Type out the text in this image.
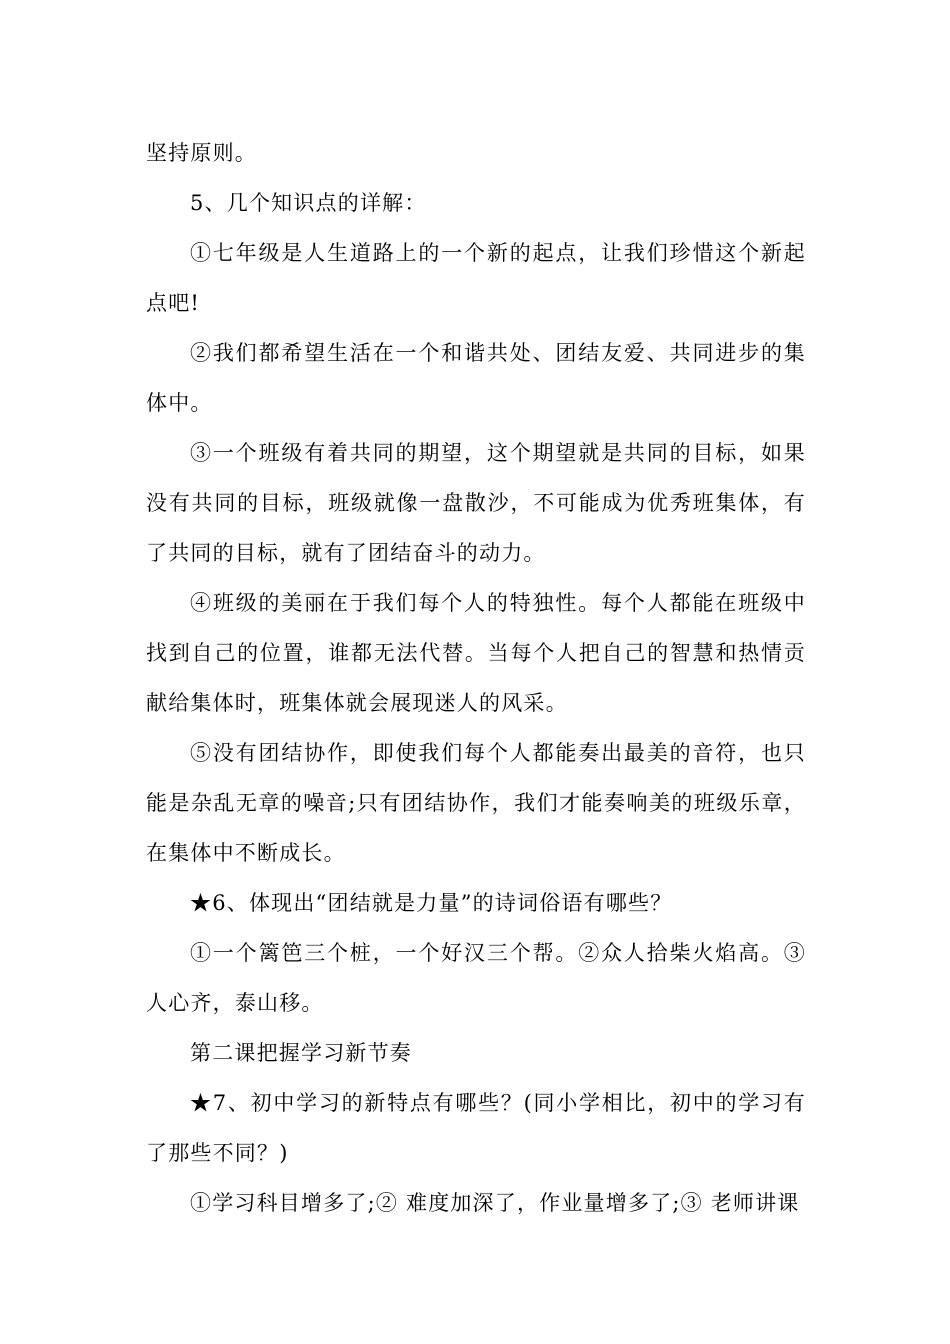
坚持原则。

5、几个知识点的详解：

①七年级是人生道路上的一个新的起点，让我们珍惜这个新起点吧!

②我们都希望生活在一个和谐共处、团结友爱、共同进步的集体中。

③一个班级有着共同的期望，这个期望就是共同的目标，如果没有共同的目标，班级就像一盘散沙，不可能成为优秀班集体，有了共同的目标，就有了团结奋斗的动力。

④班级的美丽在于我们每个人的特独性。每个人都能在班级中找到自己的位置，谁都无法代替。当每个人把自己的智慧和热情贡献给集体时，班集体就会展现迷人的风采。

⑤没有团结协作，即使我们每个人都能奏出最美的音符，也只能是杂乱无章的噪音;只有团结协作，我们才能奏响美的班级乐章，在集体中不断成长。

★6、体现出“团结就是力量”的诗词俗语有哪些？

①一个篱笆三个桩，一个好汉三个帮。②众人拾柴火焰高。③人心齐，泰山移。

第二课把握学习新节奏

★7、初中学习的新特点有哪些？(同小学相比，初中的学习有了那些不同？)

①学习科目增多了;② 难度加深了，作业量增多了;③ 老师讲课
